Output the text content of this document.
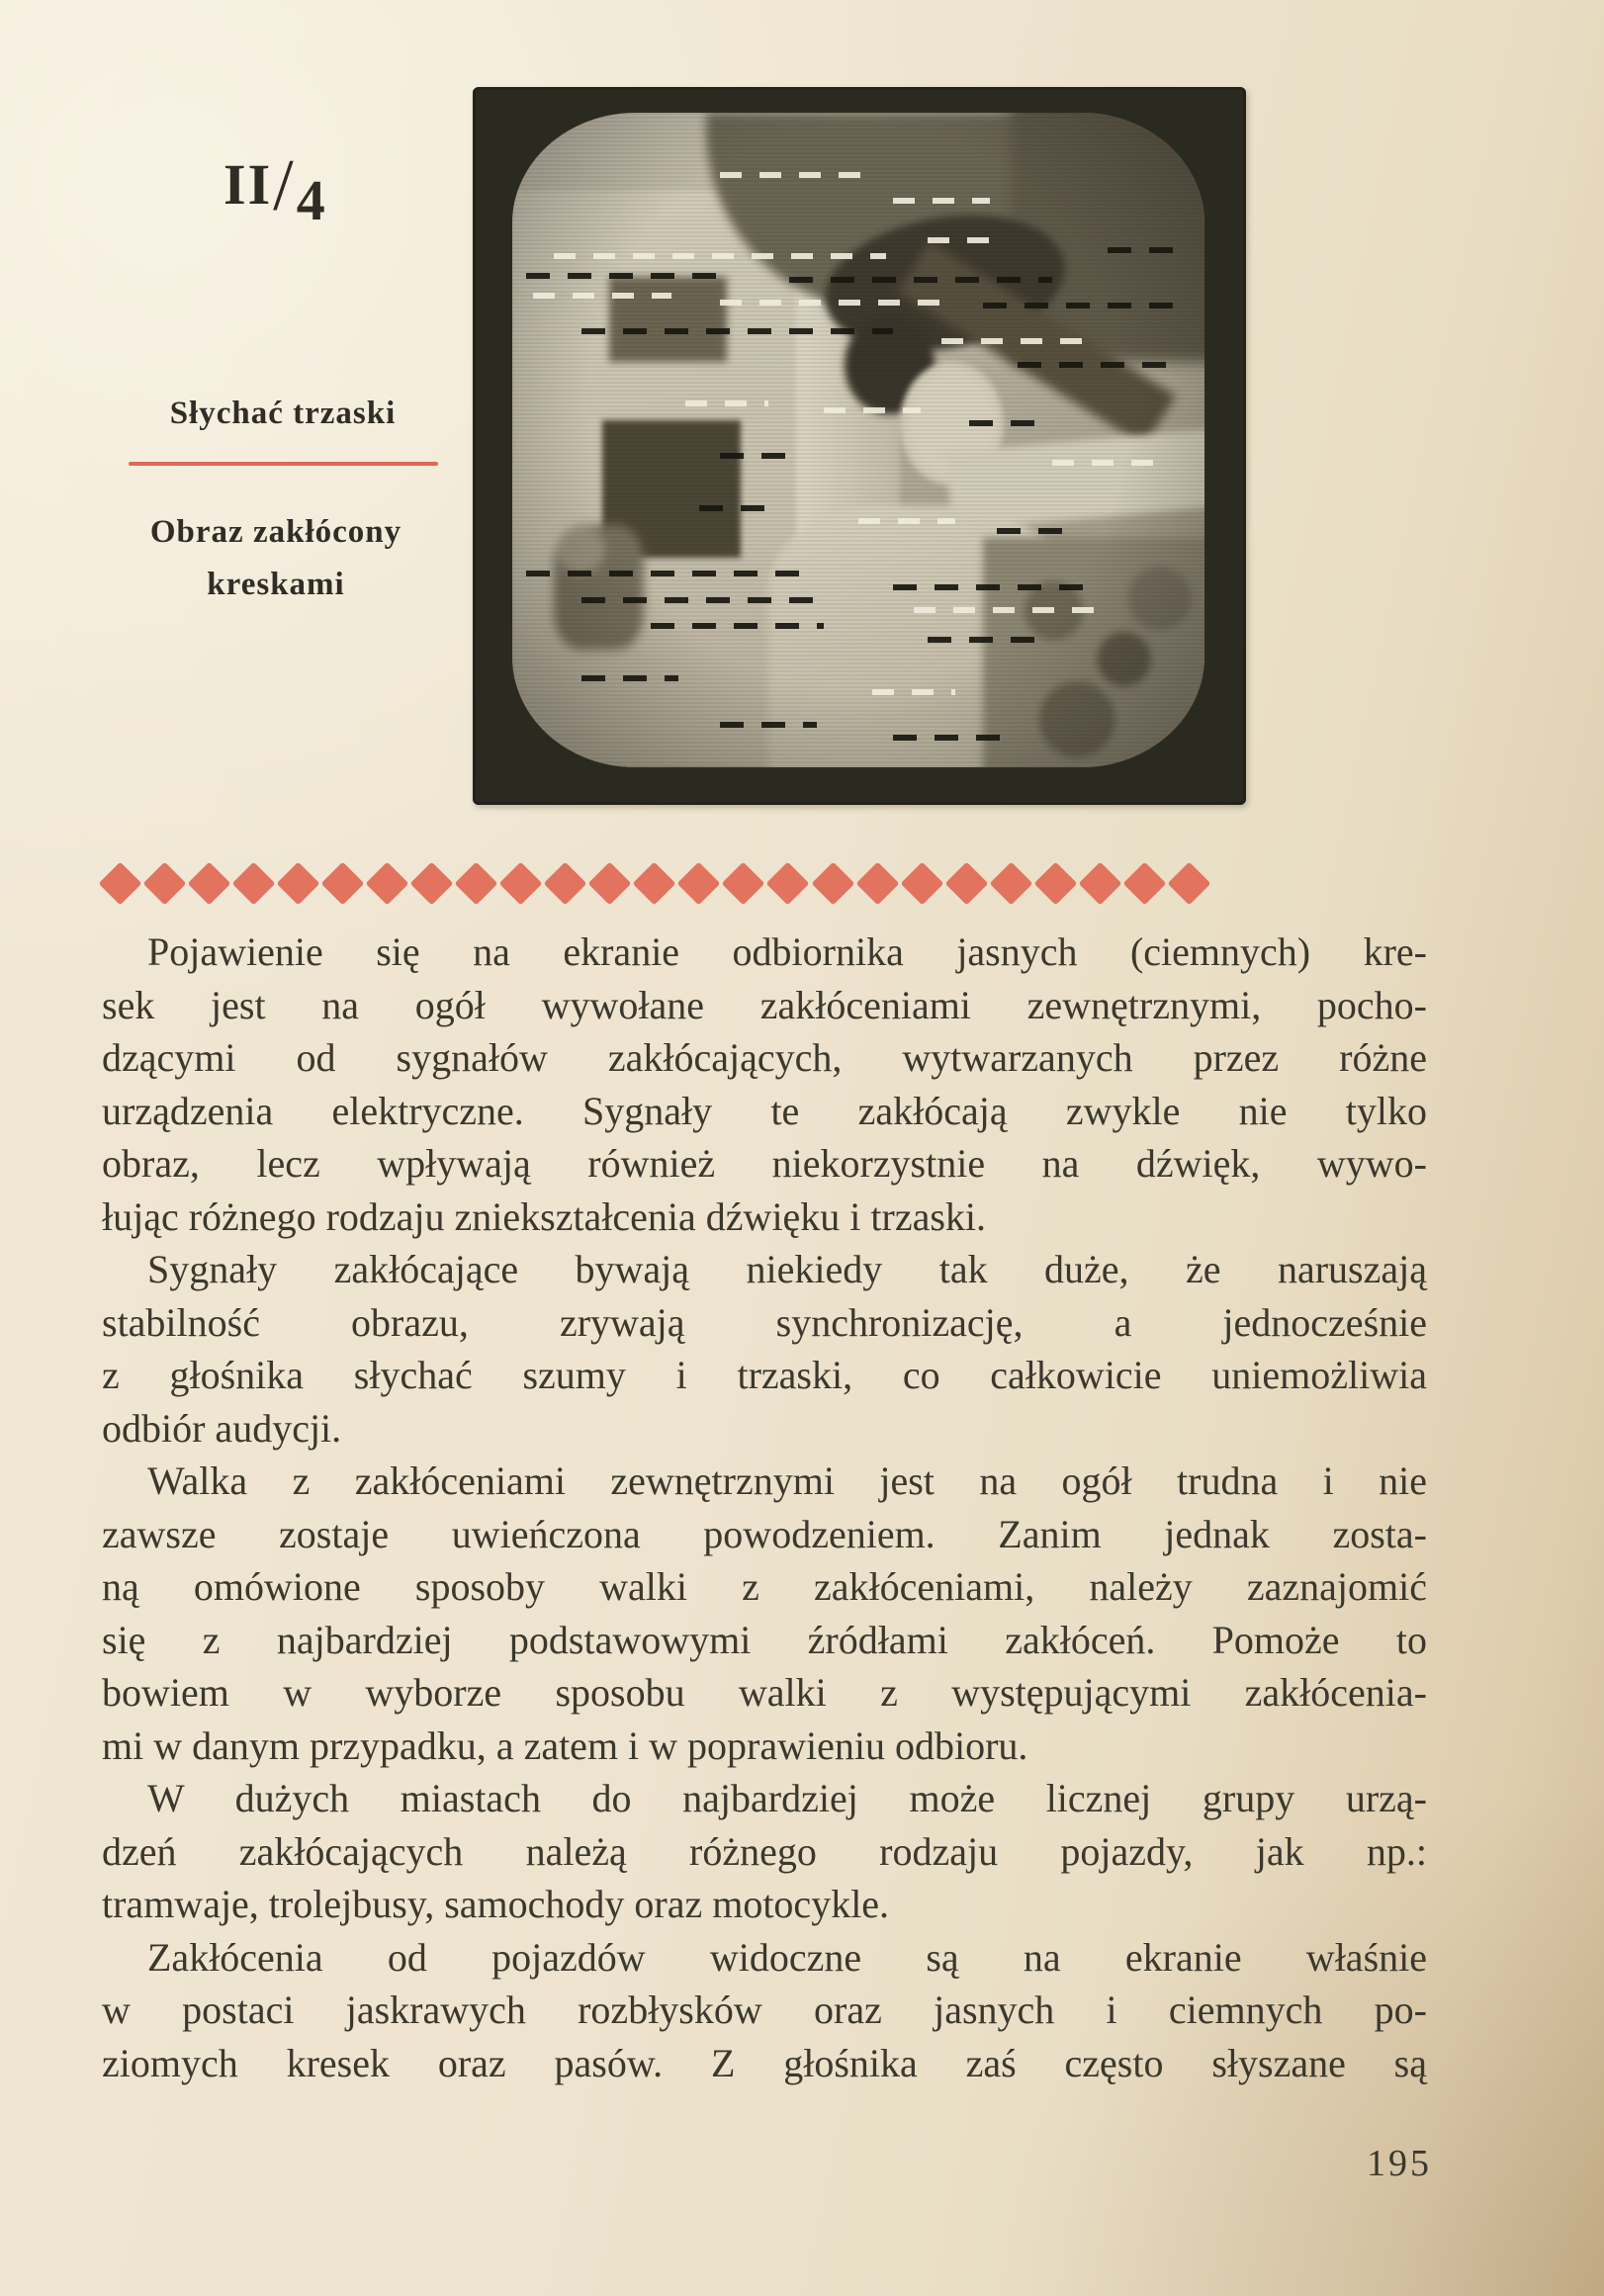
II/4
Słychać trzaski
Obraz zakłócony
kreskami
Pojawienie się na ekranie odbiornika jasnych (ciemnych) kre-
sek jest na ogół wywołane zakłóceniami zewnętrznymi, pocho-
dzącymi od sygnałów zakłócających, wytwarzanych przez różne
urządzenia elektryczne. Sygnały te zakłócają zwykle nie tylko
obraz, lecz wpływają również niekorzystnie na dźwięk, wywo-
łując różnego rodzaju zniekształcenia dźwięku i trzaski.
Sygnały zakłócające bywają niekiedy tak duże, że naruszają
stabilność obrazu, zrywają synchronizację, a jednocześnie
z głośnika słychać szumy i trzaski, co całkowicie uniemożliwia
odbiór audycji.
Walka z zakłóceniami zewnętrznymi jest na ogół trudna i nie
zawsze zostaje uwieńczona powodzeniem. Zanim jednak zosta-
ną omówione sposoby walki z zakłóceniami, należy zaznajomić
się z najbardziej podstawowymi źródłami zakłóceń. Pomoże to
bowiem w wyborze sposobu walki z występującymi zakłócenia-
mi w danym przypadku, a zatem i w poprawieniu odbioru.
W dużych miastach do najbardziej może licznej grupy urzą-
dzeń zakłócających należą różnego rodzaju pojazdy, jak np.:
tramwaje, trolejbusy, samochody oraz motocykle.
Zakłócenia od pojazdów widoczne są na ekranie właśnie
w postaci jaskrawych rozbłysków oraz jasnych i ciemnych po-
ziomych kresek oraz pasów. Z głośnika zaś często słyszane są
195
